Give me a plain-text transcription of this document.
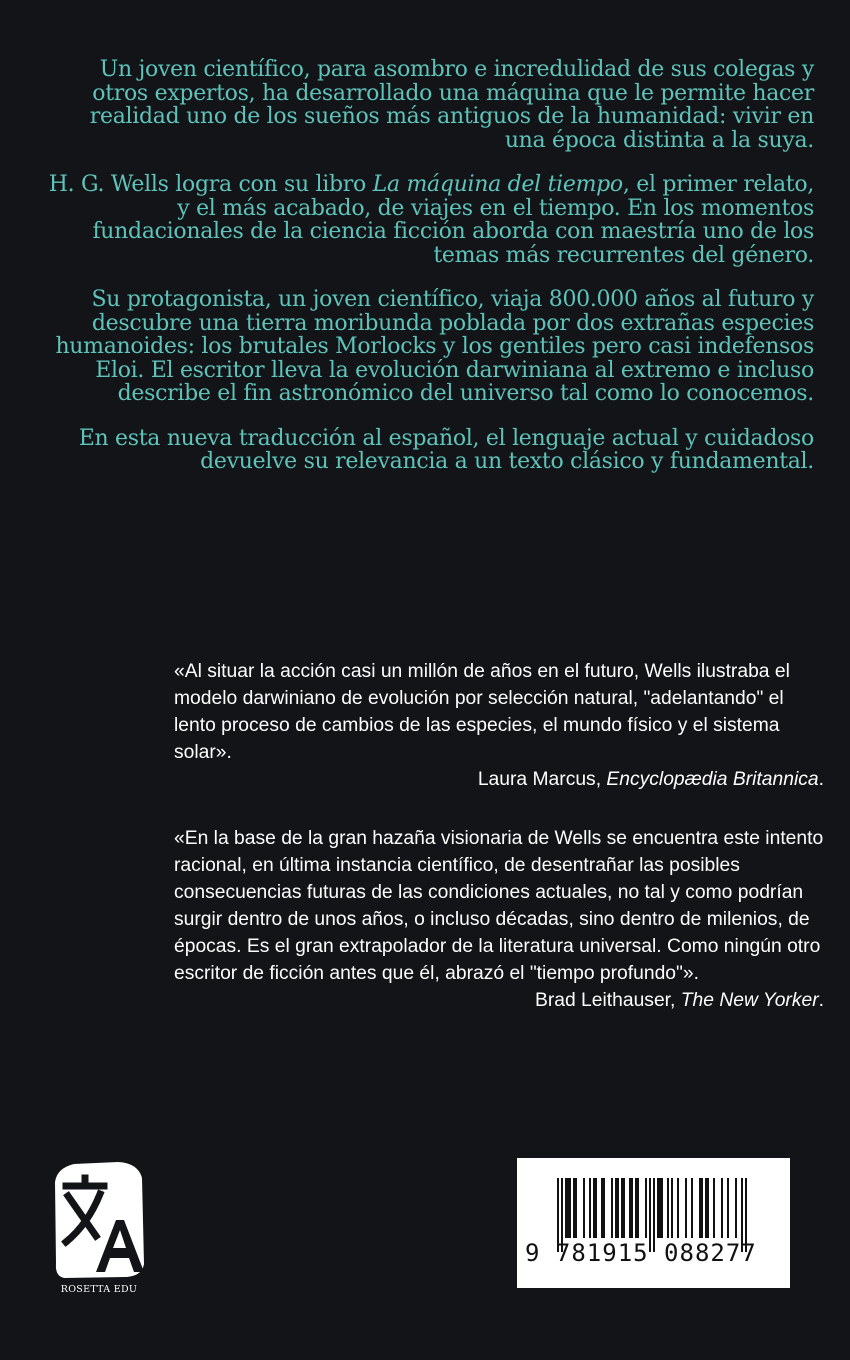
Un joven científico, para asombro e incredulidad de sus colegas y otros expertos, ha desarrollado una máquina que le permite hacer realidad uno de los sueños más antiguos de la humanidad: vivir en una época distinta a la suya.

H. G. Wells logra con su libro La máquina del tiempo, el primer relato, y el más acabado, de viajes en el tiempo. En los momentos fundacionales de la ciencia ficción aborda con maestría uno de los temas más recurrentes del género.

Su protagonista, un joven científico, viaja 800.000 años al futuro y descubre una tierra moribunda poblada por dos extrañas especies humanoides: los brutales Morlocks y los gentiles pero casi indefensos Eloi. El escritor lleva la evolución darwiniana al extremo e incluso describe el fin astronómico del universo tal como lo conocemos.

En esta nueva traducción al español, el lenguaje actual y cuidadoso devuelve su relevancia a un texto clásico y fundamental.

«Al situar la acción casi un millón de años en el futuro, Wells ilustraba el modelo darwiniano de evolución por selección natural, "adelantando" el lento proceso de cambios de las especies, el mundo físico y el sistema solar».

Laura Marcus, Encyclopædia Britannica.

«En la base de la gran hazaña visionaria de Wells se encuentra este intento racional, en última instancia científico, de desentrañar las posibles consecuencias futuras de las condiciones actuales, no tal y como podrían surgir dentro de unos años, o incluso décadas, sino dentro de milenios, de épocas. Es el gran extrapolador de la literatura universal. Como ningún otro escritor de ficción antes que él, abrazó el "tiempo profundo"».

Brad Leithauser, The New Yorker.

ROSETTA EDU
9 781915 088277
